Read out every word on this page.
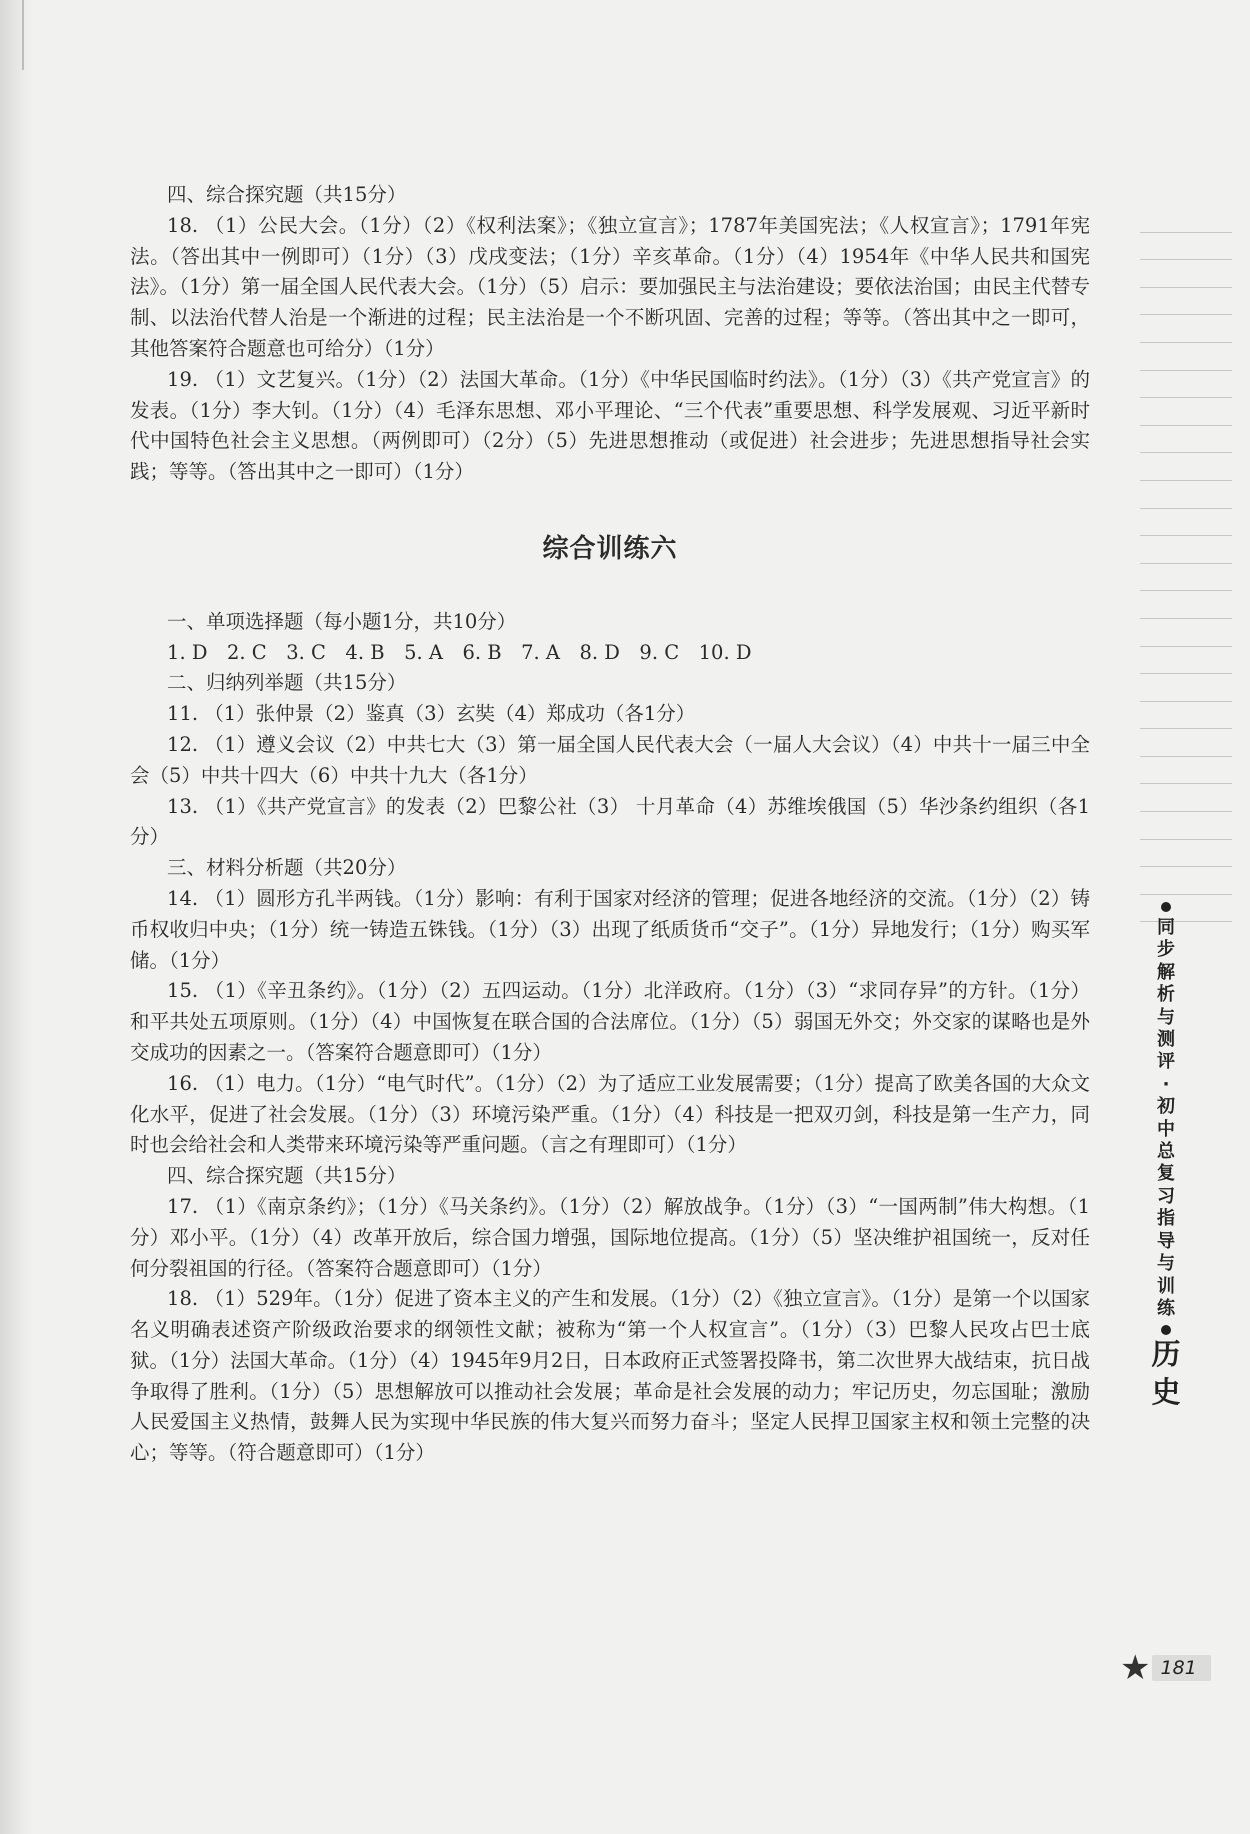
四、综合探究题（共15分）

18. （1）公民大会。（1分）（2）《权利法案》；《独立宣言》；1787年美国宪法；《人权宣言》；1791年宪法。（答出其中一例即可）（1分）（3）戊戌变法；（1分）辛亥革命。（1分）（4）1954年《中华人民共和国宪法》。（1分）第一届全国人民代表大会。（1分）（5）启示：要加强民主与法治建设；要依法治国；由民主代替专制、以法治代替人治是一个渐进的过程；民主法治是一个不断巩固、完善的过程；等等。（答出其中之一即可，其他答案符合题意也可给分）（1分）

19. （1）文艺复兴。（1分）（2）法国大革命。（1分）《中华民国临时约法》。（1分）（3）《共产党宣言》的发表。（1分）李大钊。（1分）（4）毛泽东思想、邓小平理论、“三个代表”重要思想、科学发展观、习近平新时代中国特色社会主义思想。（两例即可）（2分）（5）先进思想推动（或促进）社会进步；先进思想指导社会实践；等等。（答出其中之一即可）（1分）

综合训练六

一、单项选择题（每小题1分，共10分）

1. D　2. C　3. C　4. B　5. A　6. B　7. A　8. D　9. C　10. D

二、归纳列举题（共15分）

11. （1）张仲景（2）鉴真（3）玄奘（4）郑成功（各1分）

12. （1）遵义会议（2）中共七大（3）第一届全国人民代表大会（一届人大会议）（4）中共十一届三中全会（5）中共十四大（6）中共十九大（各1分）

13. （1）《共产党宣言》的发表（2）巴黎公社（3） 十月革命（4）苏维埃俄国（5）华沙条约组织（各1分）

三、材料分析题（共20分）

14. （1）圆形方孔半两钱。（1分）影响：有利于国家对经济的管理；促进各地经济的交流。（1分）（2）铸币权收归中央；（1分）统一铸造五铢钱。（1分）（3）出现了纸质货币“交子”。（1分）异地发行；（1分）购买军储。（1分）

15. （1）《辛丑条约》。（1分）（2）五四运动。（1分）北洋政府。（1分）（3）“求同存异”的方针。（1分）和平共处五项原则。（1分）（4）中国恢复在联合国的合法席位。（1分）（5）弱国无外交；外交家的谋略也是外交成功的因素之一。（答案符合题意即可）（1分）

16. （1）电力。（1分）“电气时代”。（1分）（2）为了适应工业发展需要；（1分）提高了欧美各国的大众文化水平，促进了社会发展。（1分）（3）环境污染严重。（1分）（4）科技是一把双刃剑，科技是第一生产力，同时也会给社会和人类带来环境污染等严重问题。（言之有理即可）（1分）

四、综合探究题（共15分）

17. （1）《南京条约》；（1分）《马关条约》。（1分）（2）解放战争。（1分）（3）“一国两制”伟大构想。（1分）邓小平。（1分）（4）改革开放后，综合国力增强，国际地位提高。（1分）（5）坚决维护祖国统一，反对任何分裂祖国的行径。（答案符合题意即可）（1分）

18. （1）529年。（1分）促进了资本主义的产生和发展。（1分）（2）《独立宣言》。（1分）是第一个以国家名义明确表述资产阶级政治要求的纲领性文献；被称为“第一个人权宣言”。（1分）（3）巴黎人民攻占巴士底狱。（1分）法国大革命。（1分）（4）1945年9月2日，日本政府正式签署投降书，第二次世界大战结束，抗日战争取得了胜利。（1分）（5）思想解放可以推动社会发展；革命是社会发展的动力；牢记历史，勿忘国耻；激励人民爱国主义热情，鼓舞人民为实现中华民族的伟大复兴而努力奋斗；坚定人民捍卫国家主权和领土完整的决心；等等。（符合题意即可）（1分）

同
步
解
析
与
测
评
·
初
中
总
复
习
指
导
与
训
练
历
史
★ 181
